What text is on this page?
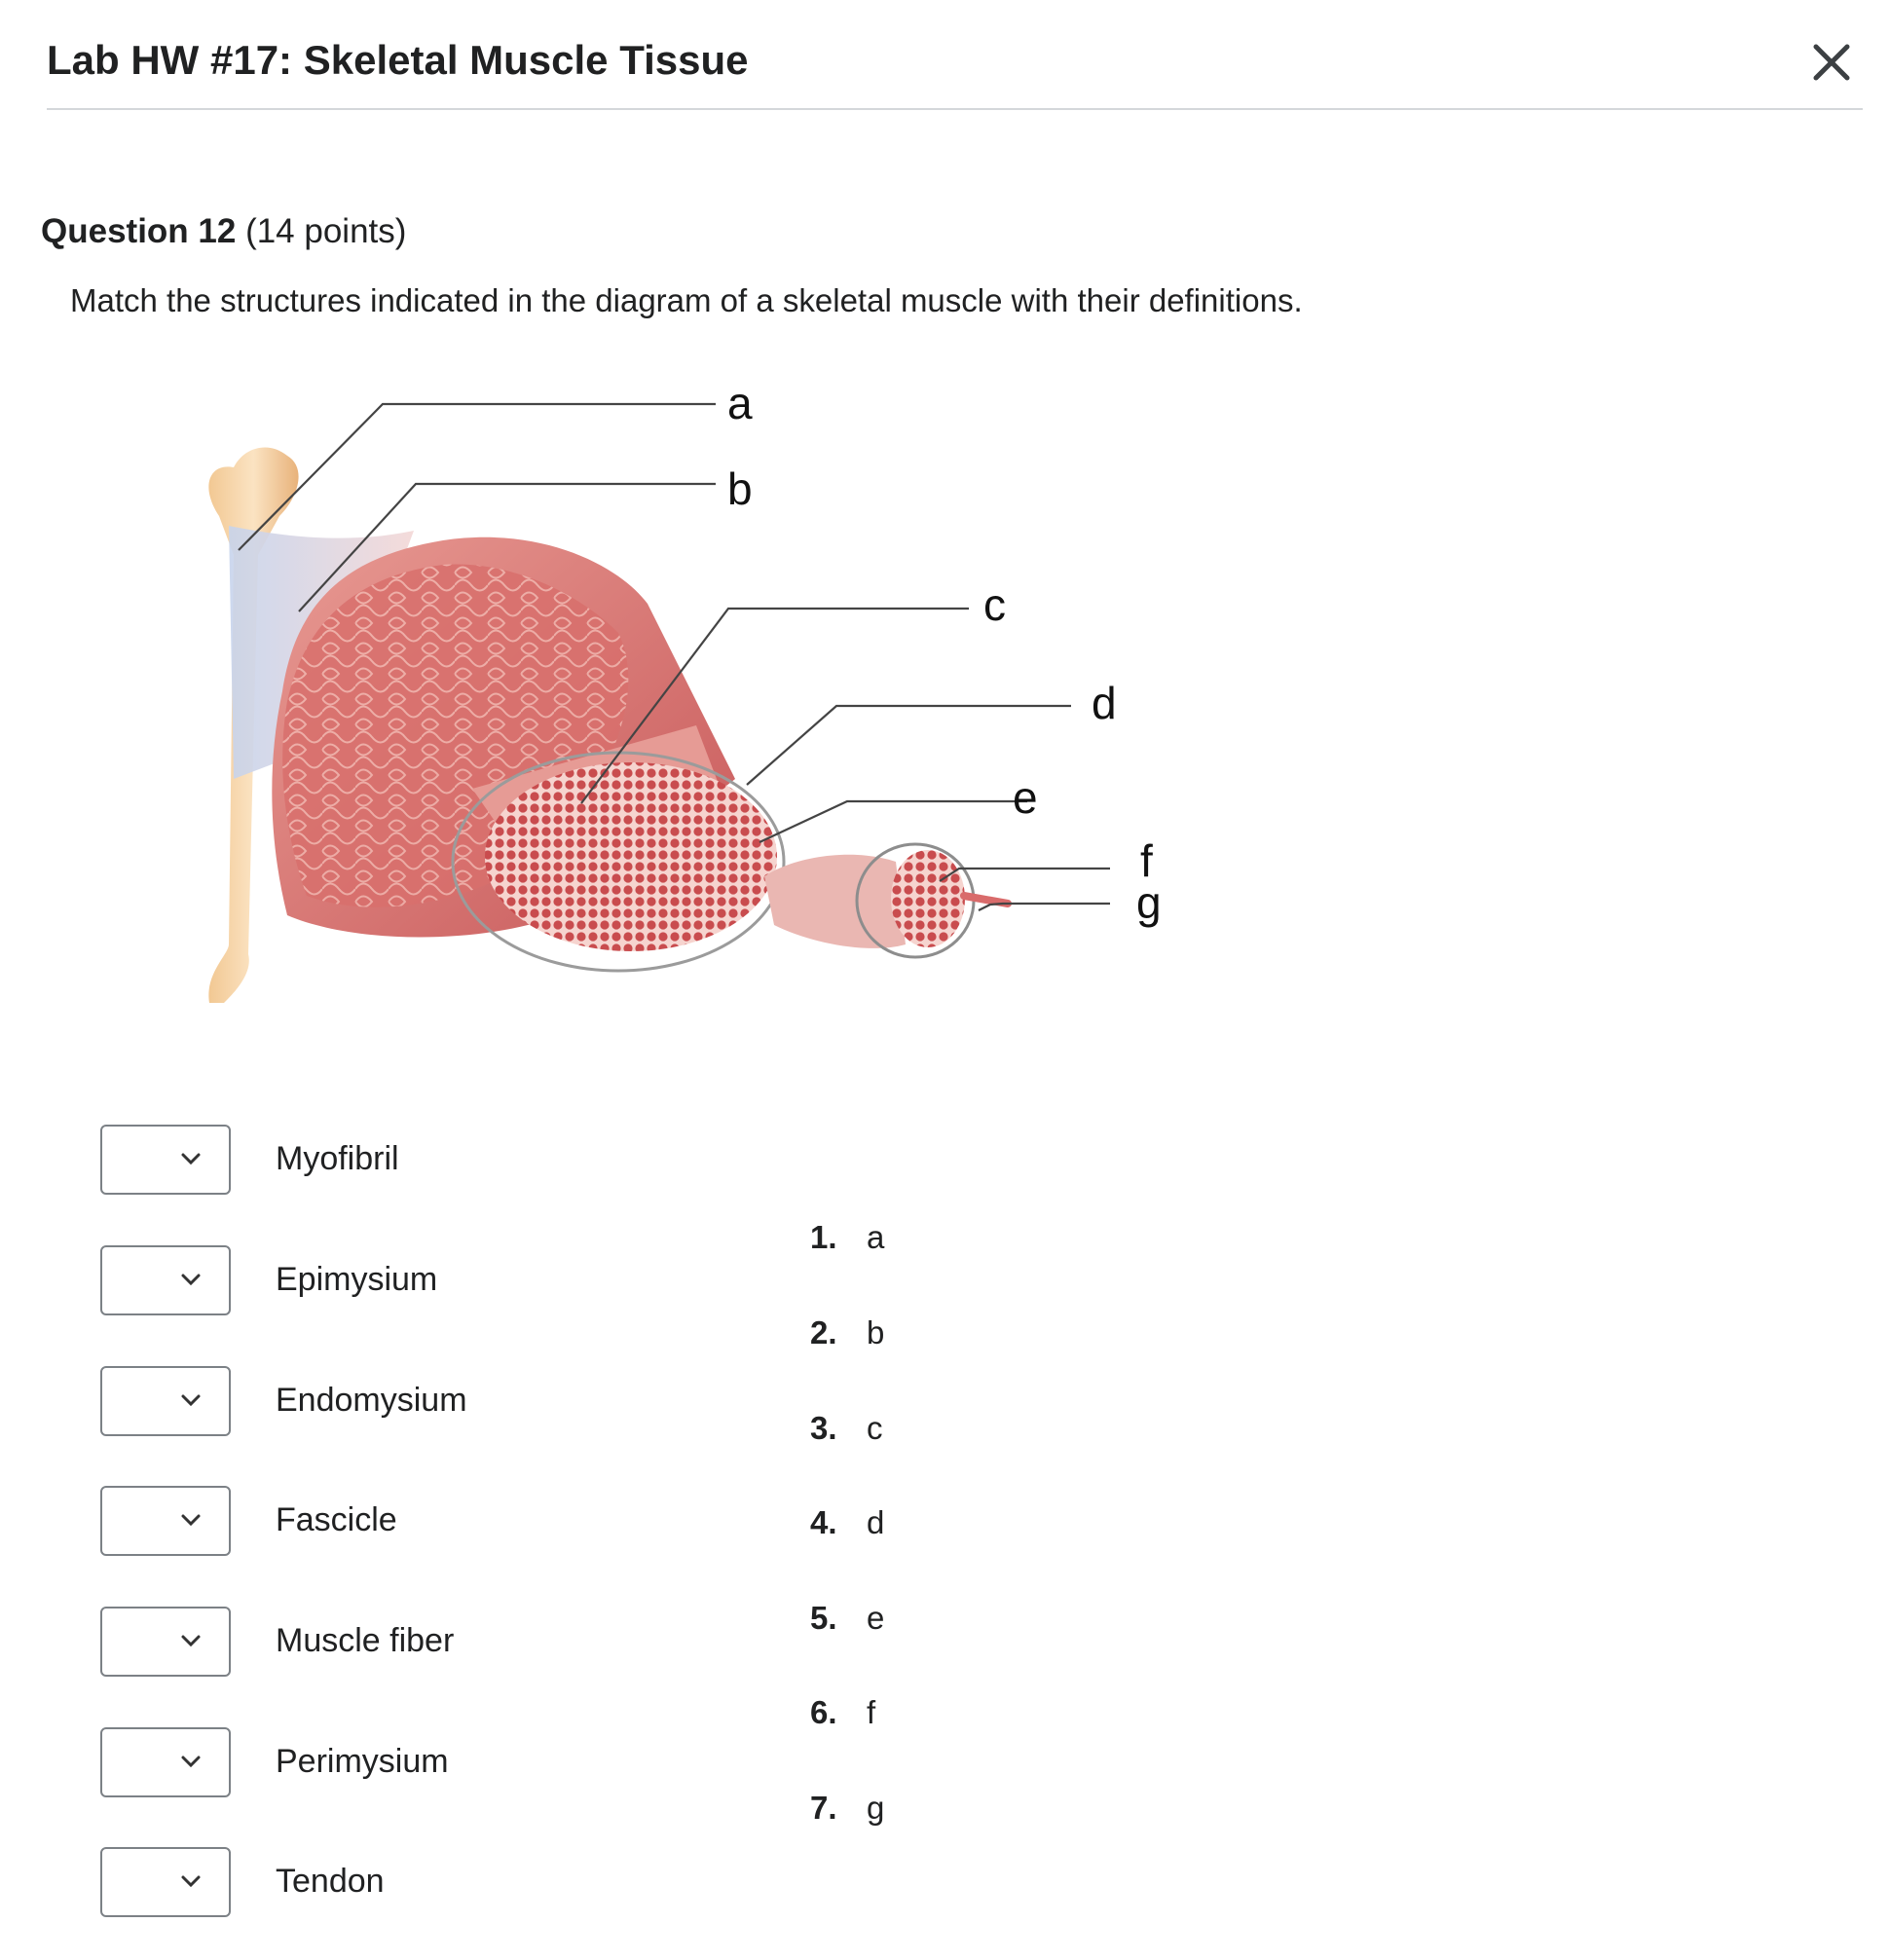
Lab HW #17: Skeletal Muscle Tissue
Question 12 (14 points)
Match the structures indicated in the diagram of a skeletal muscle with their definitions.
a
b
c
d
e
f
g
Myofibril
Epimysium
Endomysium
Fascicle
Muscle fiber
Perimysium
Tendon
1. a
2. b
3. c
4. d
5. e
6. f
7. g
